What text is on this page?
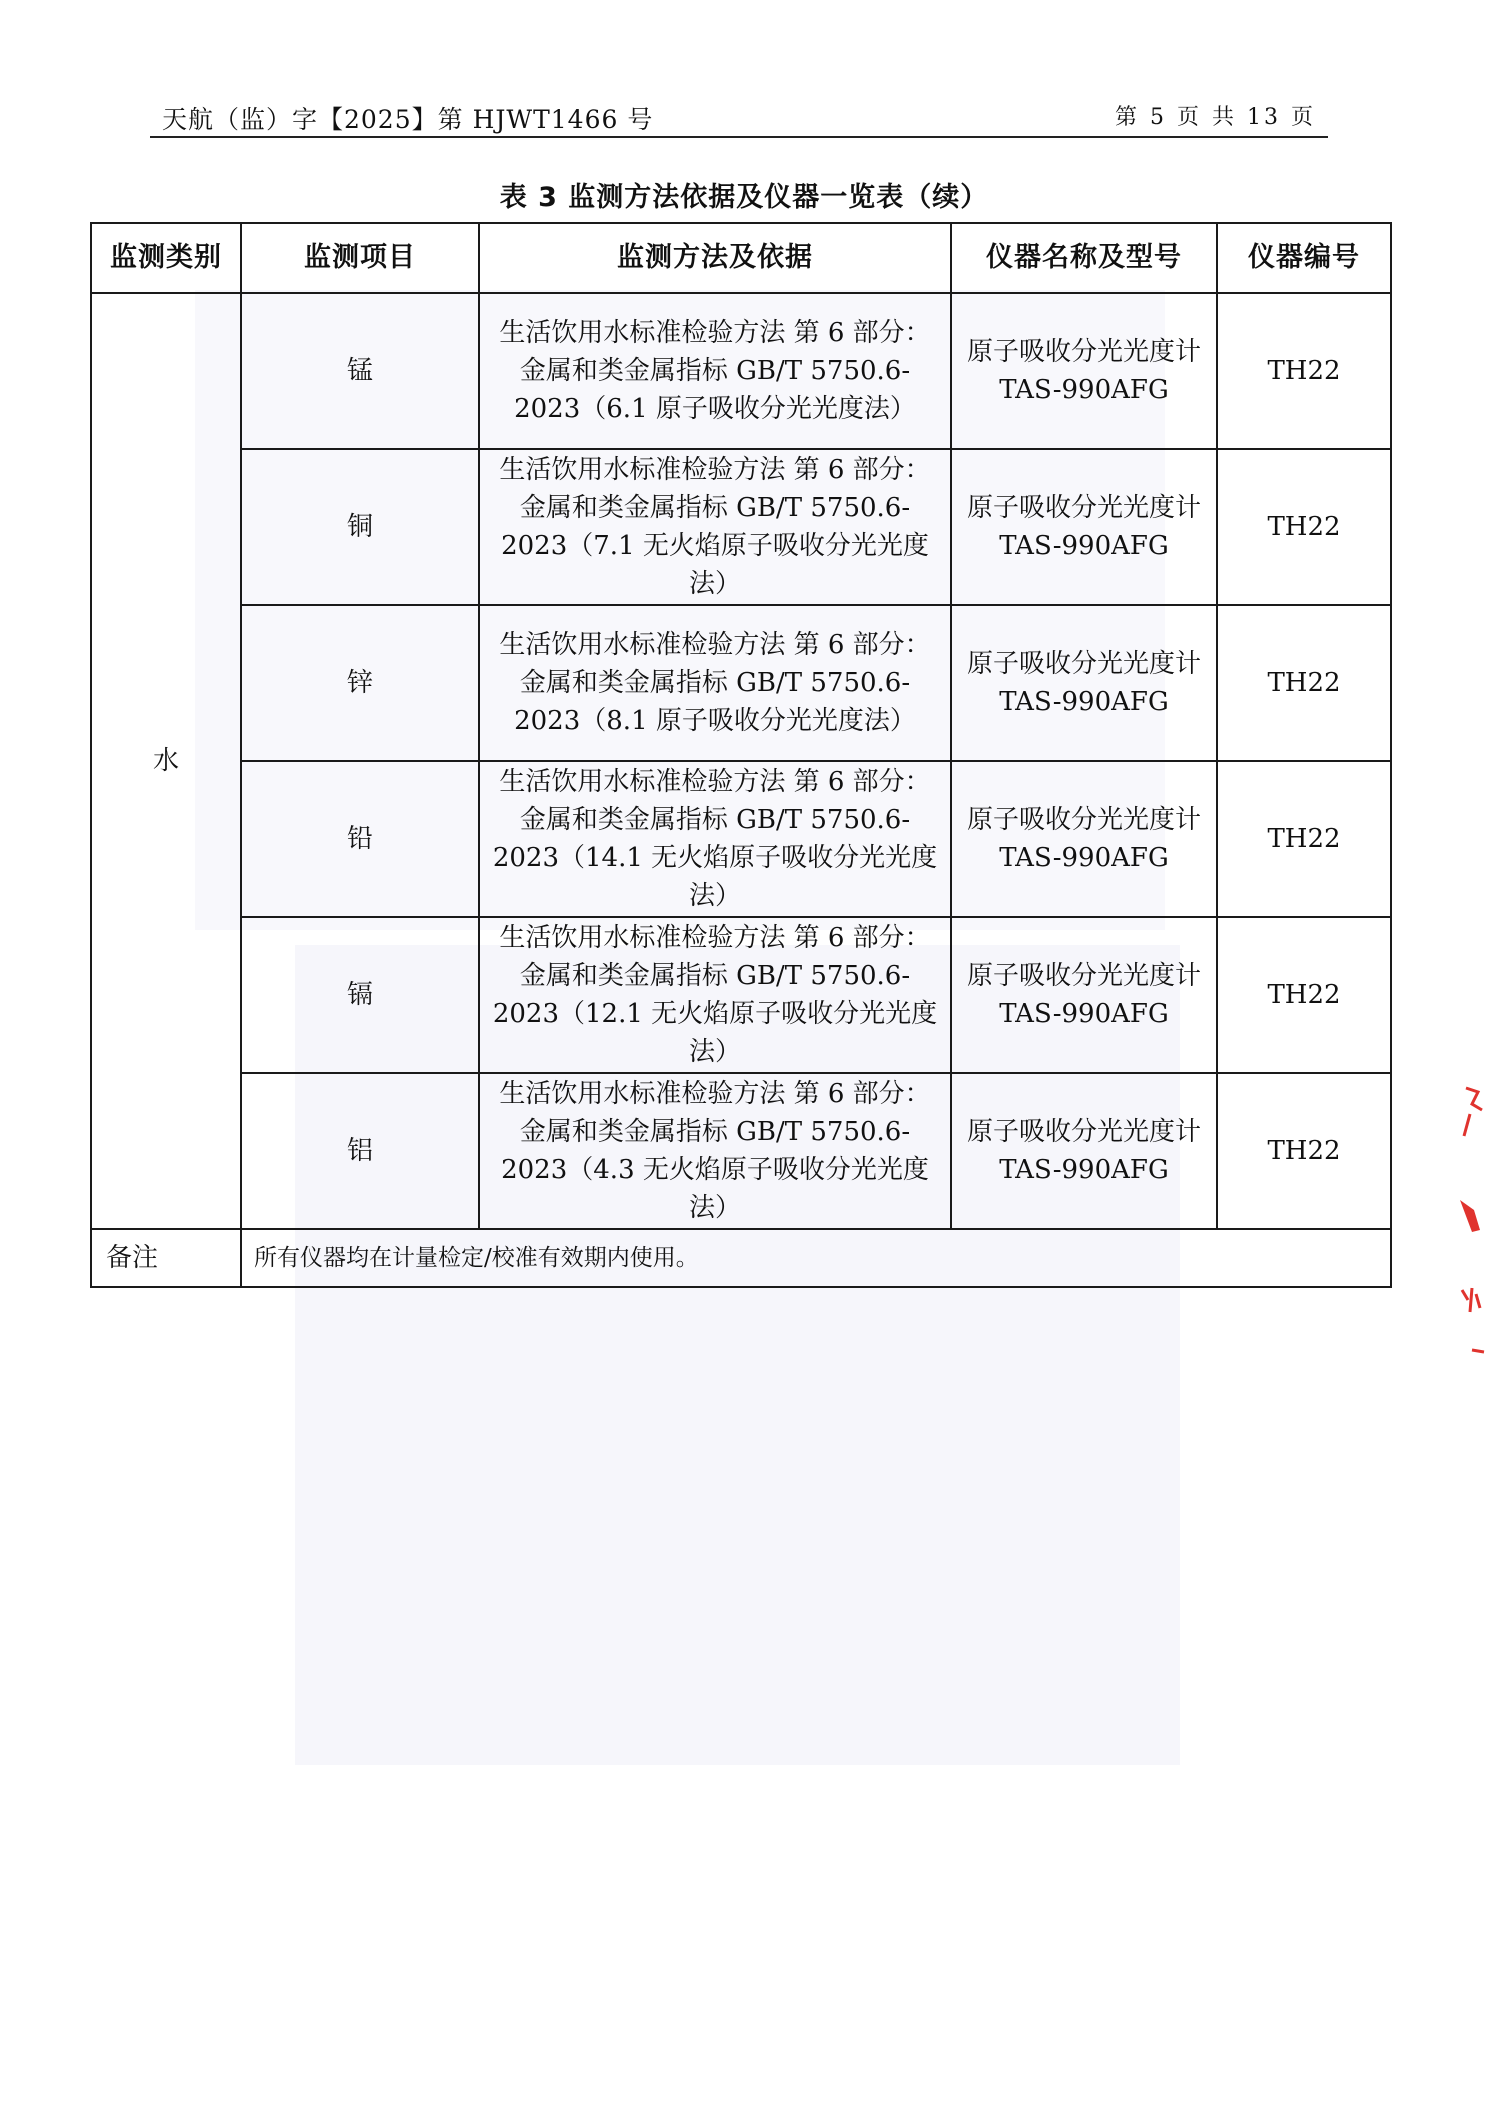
天航（监）字【2025】第 HJWT1466 号	第 5 页 共 13 页
表 3 监测方法依据及仪器一览表（续）
监测类别	监测项目	监测方法及依据	仪器名称及型号	仪器编号
水	锰	生活饮用水标准检验方法 第 6 部分：金属和类金属指标 GB/T 5750.6-2023（6.1 原子吸收分光光度法）	原子吸收分光光度计 TAS-990AFG	TH22
	铜	生活饮用水标准检验方法 第 6 部分：金属和类金属指标 GB/T 5750.6-2023（7.1 无火焰原子吸收分光光度法）	原子吸收分光光度计 TAS-990AFG	TH22
	锌	生活饮用水标准检验方法 第 6 部分：金属和类金属指标 GB/T 5750.6-2023（8.1 原子吸收分光光度法）	原子吸收分光光度计 TAS-990AFG	TH22
	铅	生活饮用水标准检验方法 第 6 部分：金属和类金属指标 GB/T 5750.6-2023（14.1 无火焰原子吸收分光光度法）	原子吸收分光光度计 TAS-990AFG	TH22
	镉	生活饮用水标准检验方法 第 6 部分：金属和类金属指标 GB/T 5750.6-2023（12.1 无火焰原子吸收分光光度法）	原子吸收分光光度计 TAS-990AFG	TH22
	铝	生活饮用水标准检验方法 第 6 部分：金属和类金属指标 GB/T 5750.6-2023（4.3 无火焰原子吸收分光光度法）	原子吸收分光光度计 TAS-990AFG	TH22
备注	所有仪器均在计量检定/校准有效期内使用。			
